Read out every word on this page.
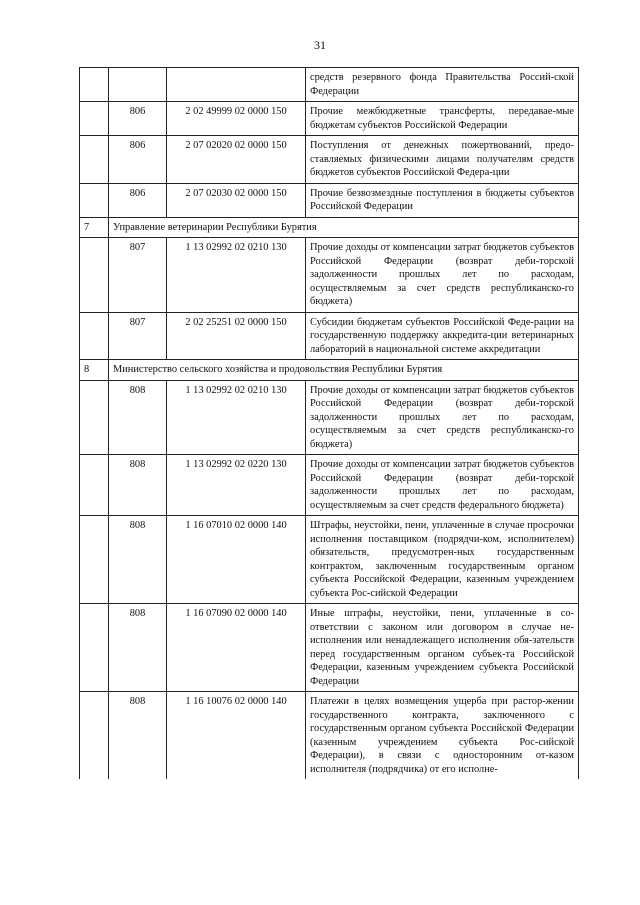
31
			средств резервного фонда Правительства Россий-ской Федерации
	806	2 02 49999 02 0000 150	Прочие межбюджетные трансферты, передавае-мые бюджетам субъектов Российской Федерации
	806	2 07 02020 02 0000 150	Поступления от денежных пожертвований, предо-ставляемых физическими лицами получателям средств бюджетов субъектов Российской Федера-ции
	806	2 07 02030 02 0000 150	Прочие безвозмездные поступления в бюджеты субъектов Российской Федерации
7	Управление ветеринарии Республики Бурятия		
	807	1 13 02992 02 0210 130	Прочие доходы от компенсации затрат бюджетов субъектов Российской Федерации (возврат деби-торской задолженности прошлых лет по расходам, осуществляемым за счет средств республиканско-го бюджета)
	807	2 02 25251 02 0000 150	Субсидии бюджетам субъектов Российской Феде-рации на государственную поддержку аккредита-ции ветеринарных лабораторий в национальной системе аккредитации
8	Министерство сельского хозяйства и продовольствия Республики Бурятия		
	808	1 13 02992 02 0210 130	Прочие доходы от компенсации затрат бюджетов субъектов Российской Федерации (возврат деби-торской задолженности прошлых лет по расходам, осуществляемым за счет средств республиканско-го бюджета)
	808	1 13 02992 02 0220 130	Прочие доходы от компенсации затрат бюджетов субъектов Российской Федерации (возврат деби-торской задолженности прошлых лет по расходам, осуществляемым за счет средств федерального бюджета)
	808	1 16 07010 02 0000 140	Штрафы, неустойки, пени, уплаченные в случае просрочки исполнения поставщиком (подрядчи-ком, исполнителем) обязательств, предусмотрен-ных государственным контрактом, заключенным государственным органом субъекта Российской Федерации, казенным учреждением субъекта Рос-сийской Федерации
	808	1 16 07090 02 0000 140	Иные штрафы, неустойки, пени, уплаченные в со-ответствии с законом или договором в случае не-исполнения или ненадлежащего исполнения обя-зательств перед государственным органом субъек-та Российской Федерации, казенным учреждением субъекта Российской Федерации
	808	1 16 10076 02 0000 140	Платежи в целях возмещения ущерба при растор-жении государственного контракта, заключенного с государственным органом субъекта Российской Федерации (казенным учреждением субъекта Рос-сийской Федерации), в связи с односторонним от-казом исполнителя (подрядчика) от его исполне-
